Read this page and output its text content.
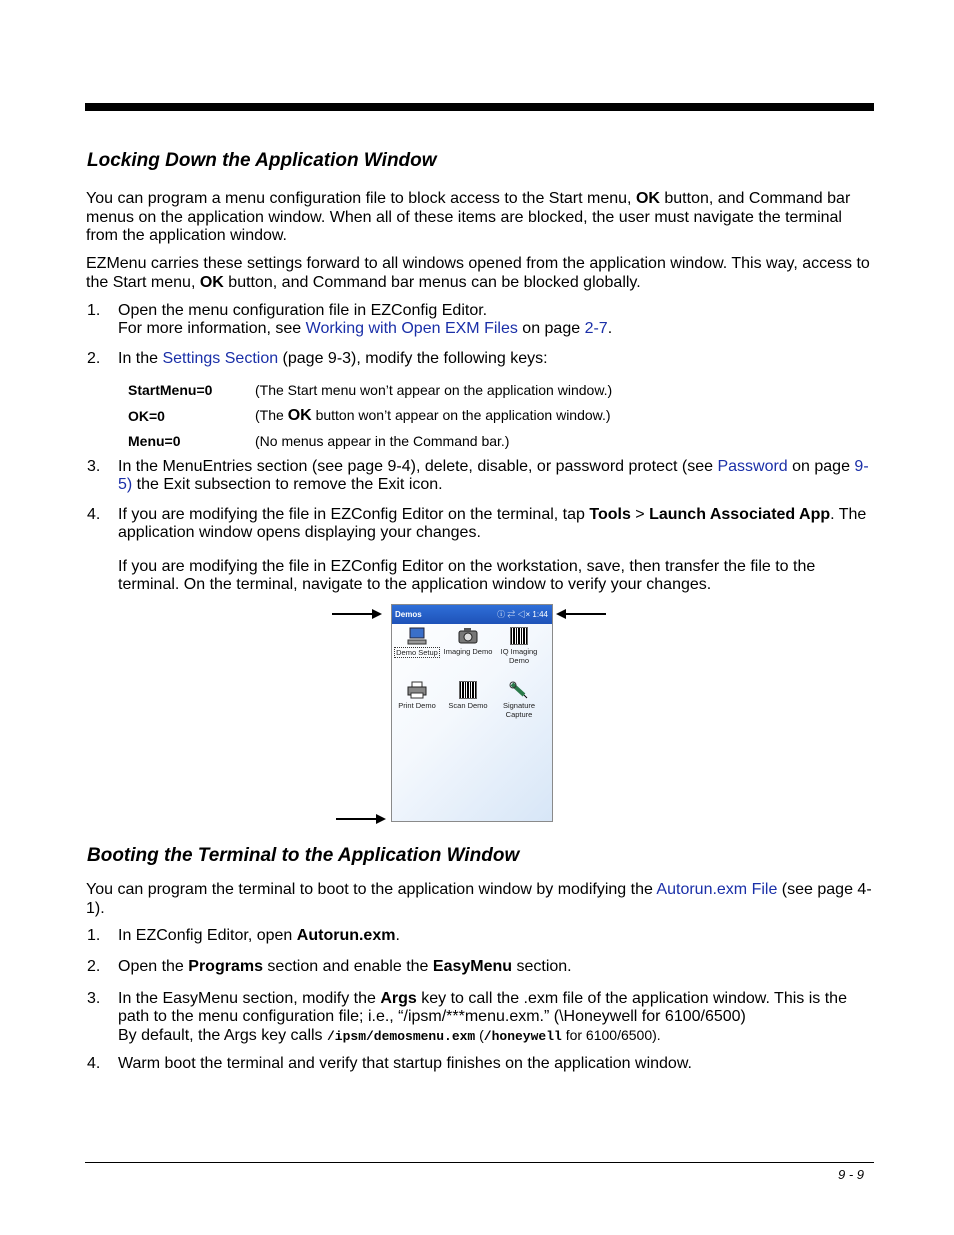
Locking Down the Application Window
You can program a menu configuration file to block access to the Start menu, OK button, and Command bar menus on the application window. When all of these items are blocked, the user must navigate the terminal from the application window.
EZMenu carries these settings forward to all windows opened from the application window. This way, access to the Start menu, OK button, and Command bar menus can be blocked globally.
1. Open the menu configuration file in EZConfig Editor.
For more information, see Working with Open EXM Files on page 2-7.
2. In the Settings Section (page 9-3), modify the following keys:
StartMenu=0	(The Start menu won’t appear on the application window.)
OK=0	(The OK button won’t appear on the application window.)
Menu=0	(No menus appear in the Command bar.)
3. In the MenuEntries section (see page 9-4), delete, disable, or password protect (see Password on page 9-5) the Exit subsection to remove the Exit icon.
4. If you are modifying the file in EZConfig Editor on the terminal, tap Tools > Launch Associated App. The application window opens displaying your changes.
If you are modifying the file in EZConfig Editor on the workstation, save, then transfer the file to the terminal. On the terminal, navigate to the application window to verify your changes.
Demos	ⓘ ⇄ ◁× 1:44
Demo Setup Imaging Demo	IQ Imaging Demo
Print Demo	Scan Demo	Signature Capture
Booting the Terminal to the Application Window
You can program the terminal to boot to the application window by modifying the Autorun.exm File (see page 4-1).
1. In EZConfig Editor, open Autorun.exm.
2. Open the Programs section and enable the EasyMenu section.
3. In the EasyMenu section, modify the Args key to call the .exm file of the application window. This is the path to the menu configuration file; i.e., “/ipsm/***menu.exm.” (\Honeywell for 6100/6500)
By default, the Args key calls /ipsm/demosmenu.exm (/honeywell for 6100/6500).
4. Warm boot the terminal and verify that startup finishes on the application window.
9 - 9
